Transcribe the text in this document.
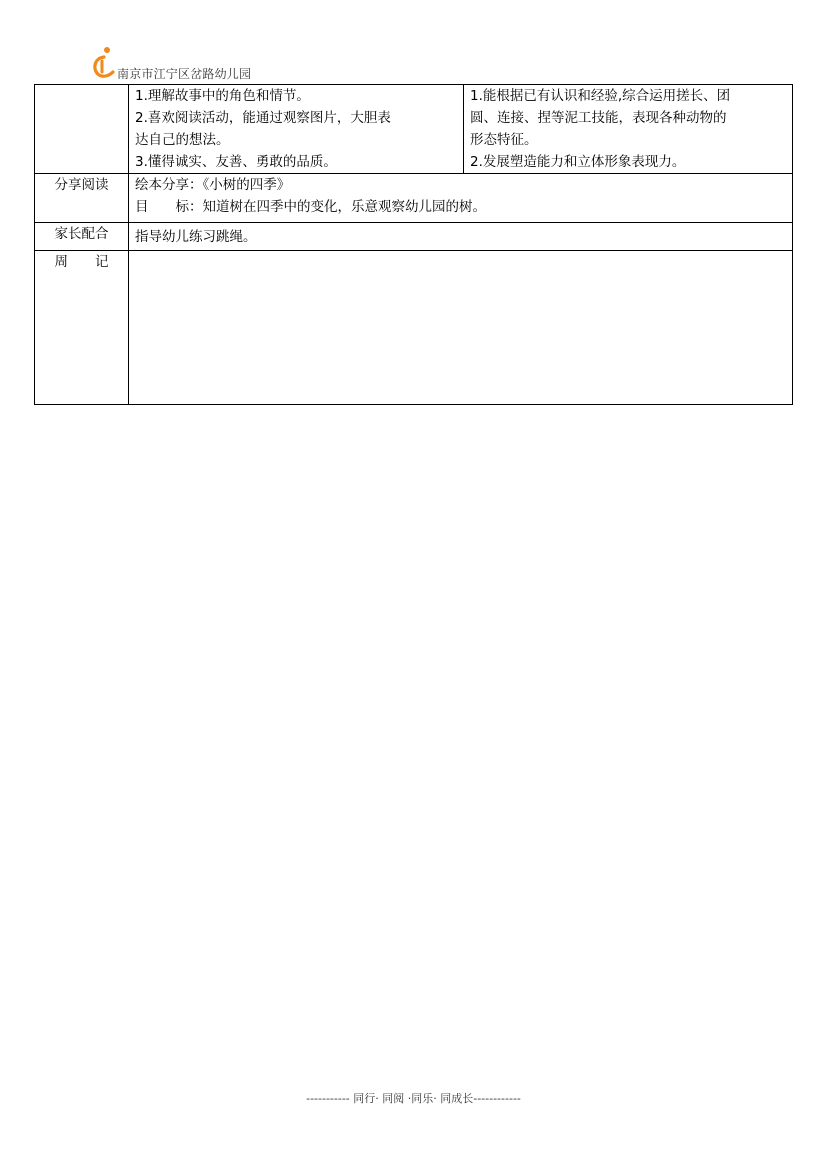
南京市江宁区岔路幼儿园

	1.理解故事中的角色和情节。
2.喜欢阅读活动，能通过观察图片，大胆表
达自己的想法。
3.懂得诚实、友善、勇敢的品质。	1.能根据已有认识和经验,综合运用搓长、团
圆、连接、捏等泥工技能，表现各种动物的
形态特征。
2.发展塑造能力和立体形象表现力。

分享阅读	绘本分享：《小树的四季》
目　　标：知道树在四季中的变化，乐意观察幼儿园的树。	

家长配合	指导幼儿练习跳绳。	
周　　记		
----------- 同行· 同阅 ·同乐· 同成长------------
